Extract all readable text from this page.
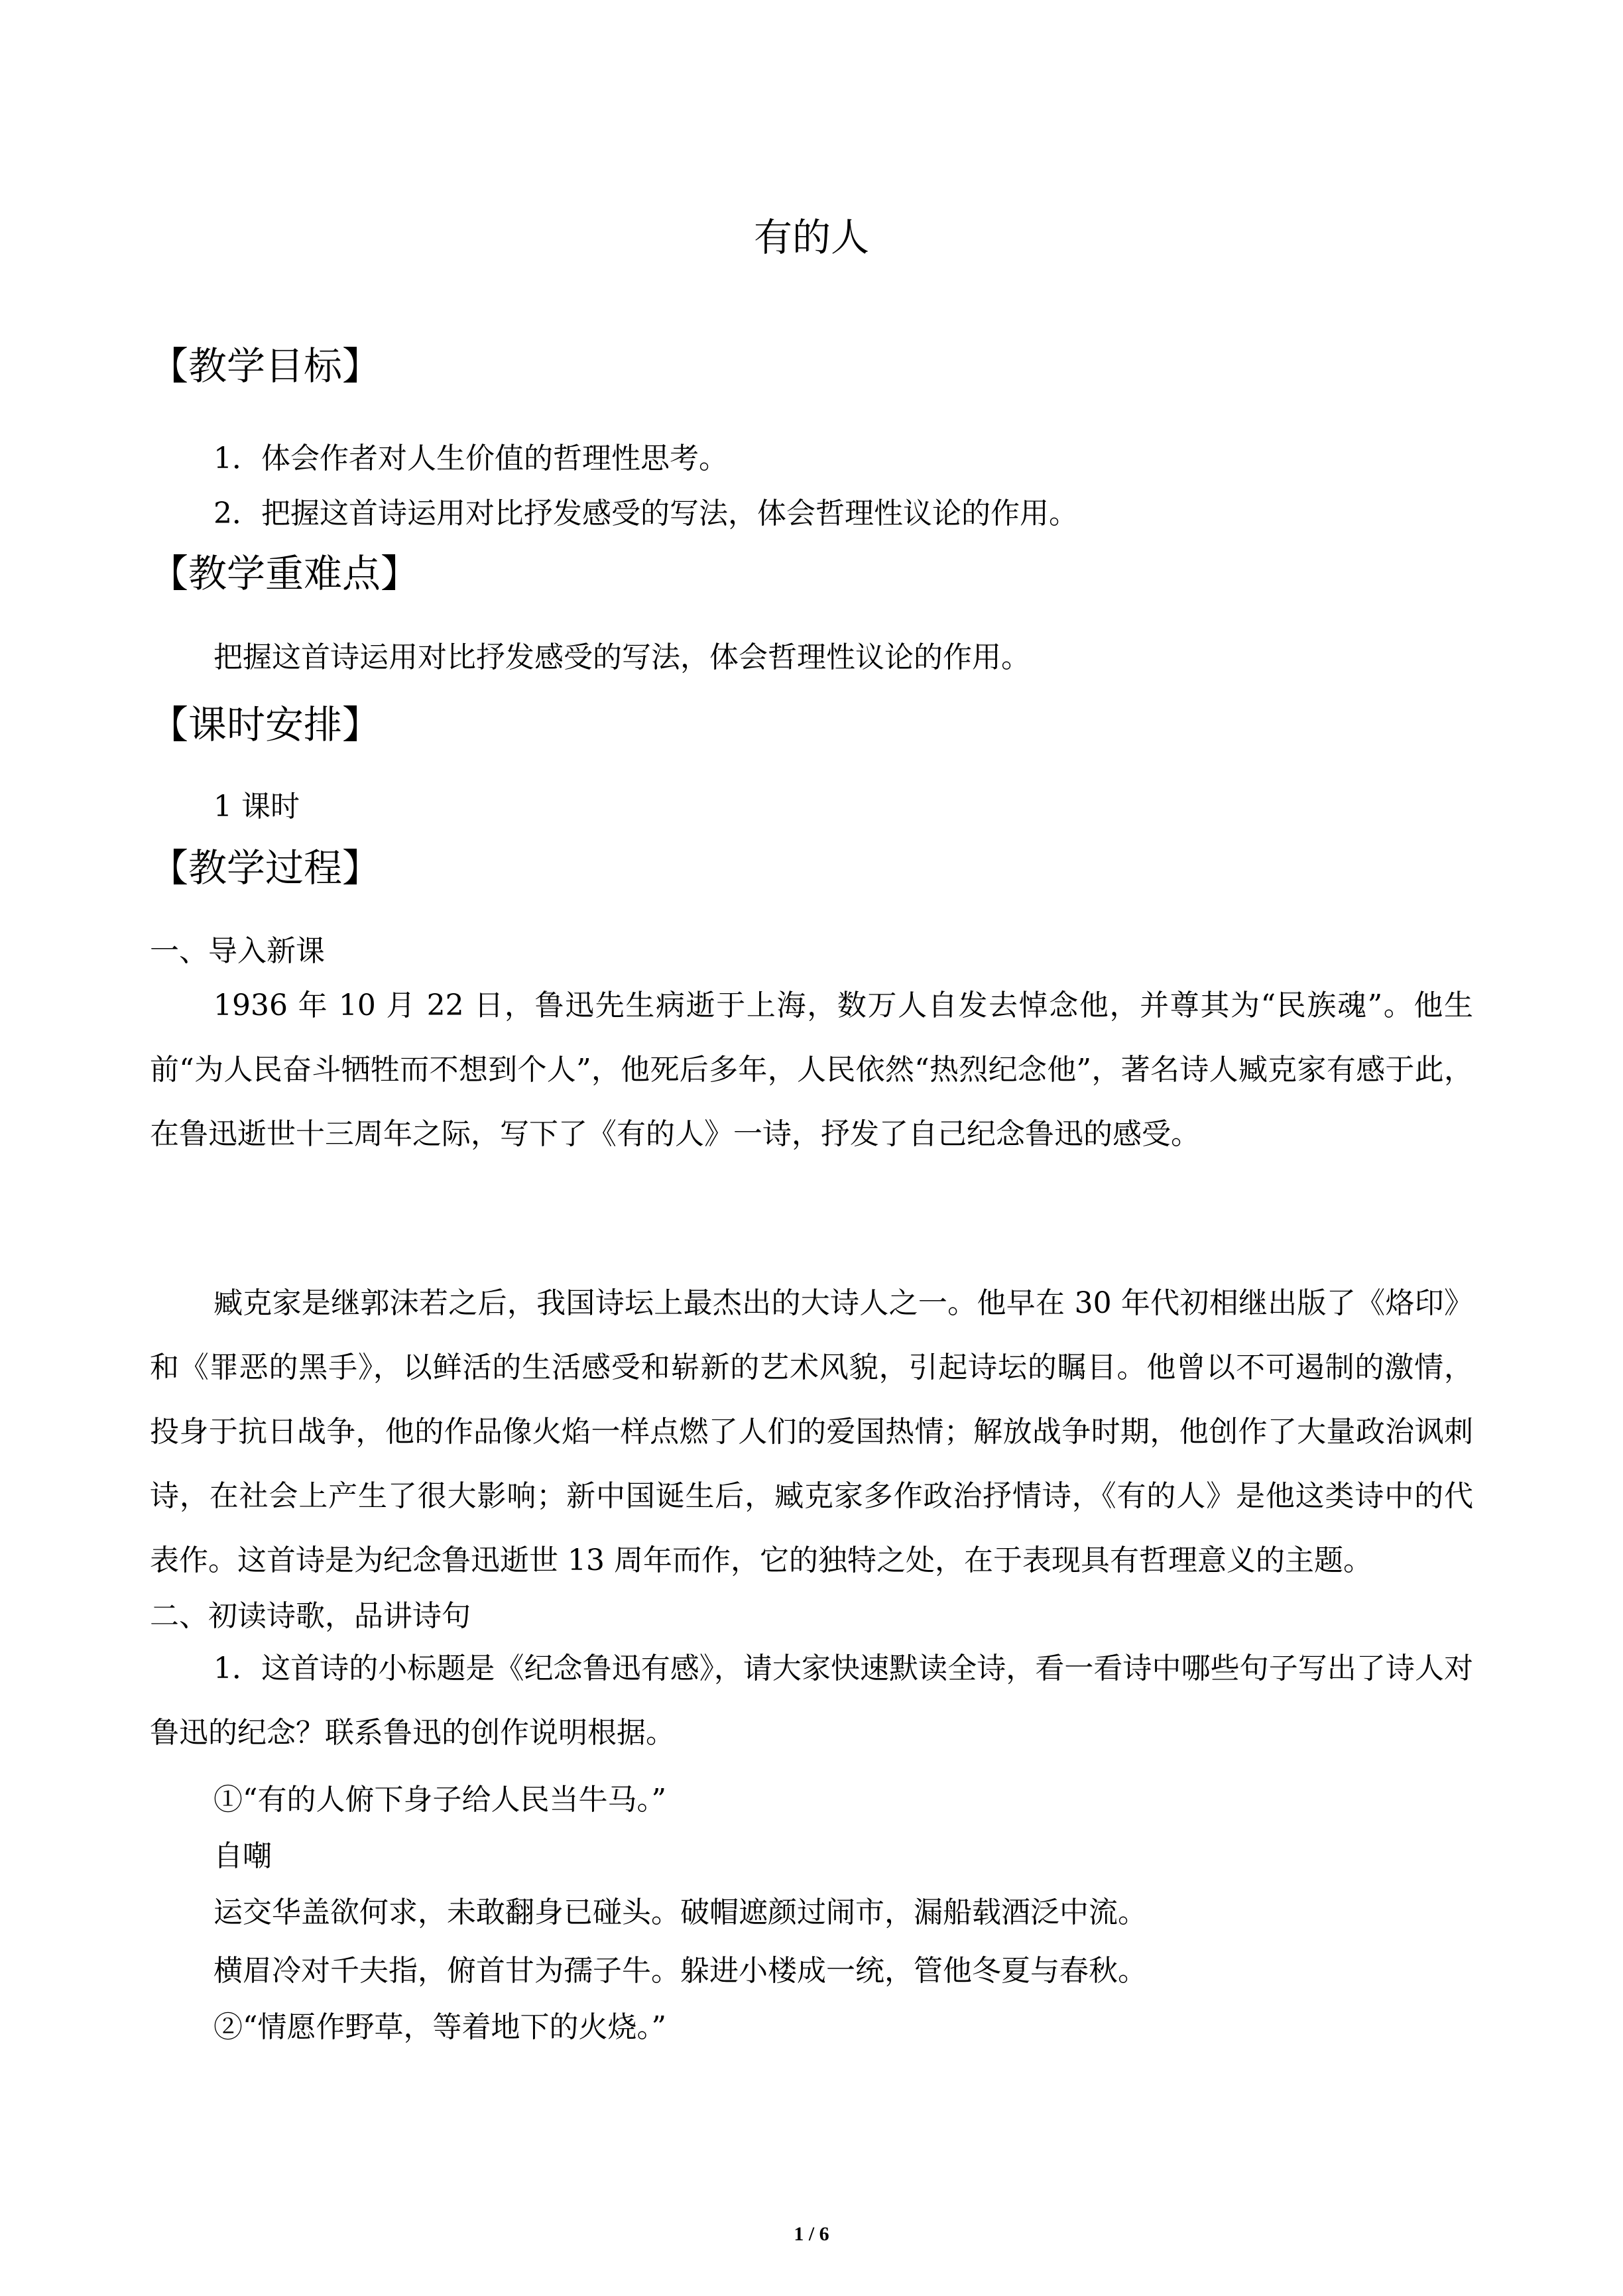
有的人
【教学目标】
1．体会作者对人生价值的哲理性思考。
2．把握这首诗运用对比抒发感受的写法，体会哲理性议论的作用。
【教学重难点】
把握这首诗运用对比抒发感受的写法，体会哲理性议论的作用。
【课时安排】
1 课时
【教学过程】
一、导入新课
1936 年 10 月 22 日，鲁迅先生病逝于上海，数万人自发去悼念他，并尊其为“民族魂”。他生前“为人民奋斗牺牲而不想到个人”，他死后多年，人民依然“热烈纪念他”，著名诗人臧克家有感于此，在鲁迅逝世十三周年之际，写下了《有的人》一诗，抒发了自己纪念鲁迅的感受。
臧克家是继郭沫若之后，我国诗坛上最杰出的大诗人之一。他早在 30 年代初相继出版了《烙印》和《罪恶的黑手》，以鲜活的生活感受和崭新的艺术风貌，引起诗坛的瞩目。他曾以不可遏制的激情，投身于抗日战争，他的作品像火焰一样点燃了人们的爱国热情；解放战争时期，他创作了大量政治讽刺诗，在社会上产生了很大影响；新中国诞生后，臧克家多作政治抒情诗，《有的人》是他这类诗中的代表作。这首诗是为纪念鲁迅逝世 13 周年而作，它的独特之处，在于表现具有哲理意义的主题。
二、初读诗歌，品讲诗句
1．这首诗的小标题是《纪念鲁迅有感》，请大家快速默读全诗，看一看诗中哪些句子写出了诗人对鲁迅的纪念？联系鲁迅的创作说明根据。
①“有的人俯下身子给人民当牛马。”
自嘲
运交华盖欲何求，未敢翻身已碰头。破帽遮颜过闹市，漏船载酒泛中流。
横眉冷对千夫指，俯首甘为孺子牛。躲进小楼成一统，管他冬夏与春秋。
②“情愿作野草，等着地下的火烧。”
1 / 6
